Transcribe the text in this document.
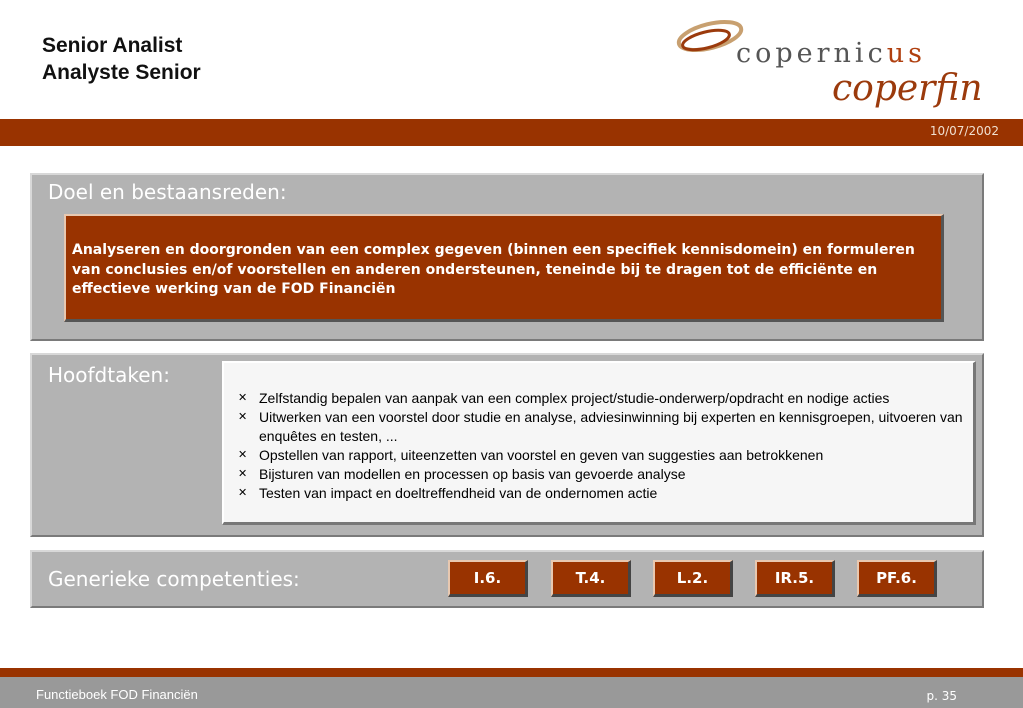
Senior Analist
Analyste Senior
copernicus
coperfin
10/07/2002
Doel en bestaansreden:
Analyseren en doorgronden van een complex gegeven (binnen een specifiek kennisdomein) en formuleren van conclusies en/of voorstellen en anderen ondersteunen, teneinde bij te dragen tot de efficiënte en effectieve werking van de FOD Financiën
Hoofdtaken:
✕ Zelfstandig bepalen van aanpak van een complex project/studie-onderwerp/opdracht en nodige acties
✕ Uitwerken van een voorstel door studie en analyse, adviesinwinning bij experten en kennisgroepen, uitvoeren van enquêtes en testen, ...
✕ Opstellen van rapport, uiteenzetten van voorstel en geven van suggesties aan betrokkenen
✕ Bijsturen van modellen en processen op basis van gevoerde analyse
✕ Testen van impact en doeltreffendheid van de ondernomen actie
Generieke competenties:	I.6.	T.4.	L.2.	IR.5.	PF.6.
Functieboek FOD Financiën	p. 35
